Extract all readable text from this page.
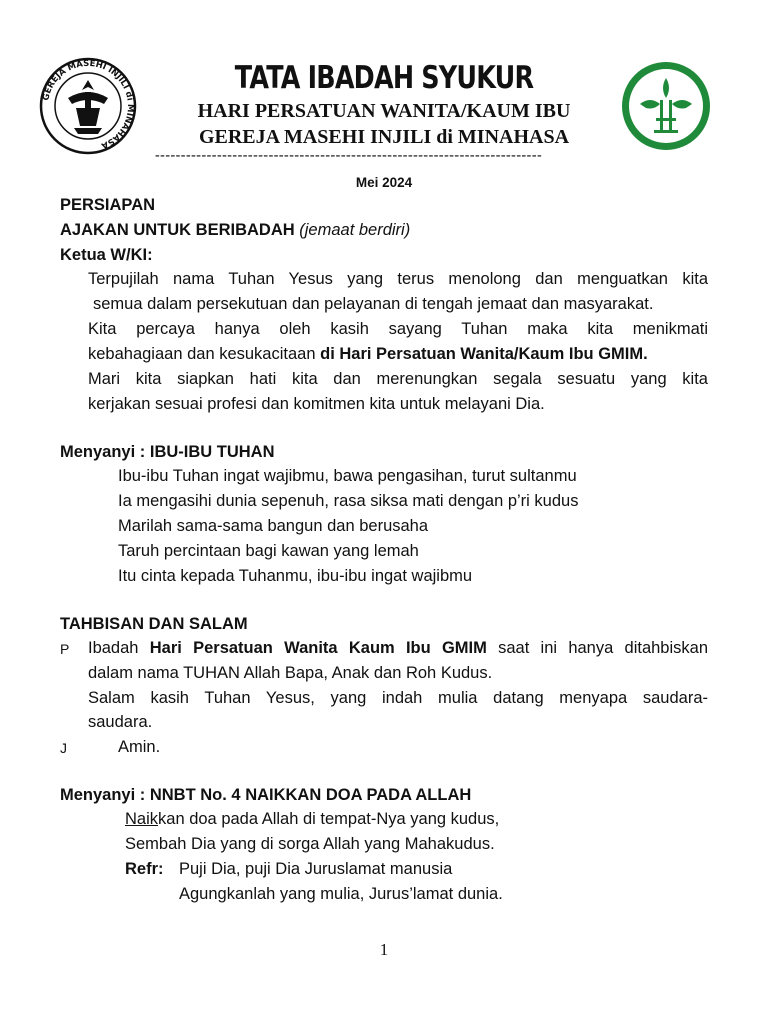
GEREJA MASEHI INJILI di MINAHASA
TATA IBADAH SYUKUR
HARI PERSATUAN WANITA/KAUM IBU
GEREJA MASEHI INJILI di MINAHASA
---------------------------------------------------------------------------
Mei 2024
PERSIAPAN
AJAKAN UNTUK BERIBADAH (jemaat berdiri)
Ketua W/KI:
Terpujilah nama Tuhan Yesus yang terus menolong dan menguatkan kita
semua dalam persekutuan dan pelayanan di tengah jemaat dan masyarakat.
Kita percaya hanya oleh kasih sayang Tuhan maka kita menikmati
kebahagiaan dan kesukacitaan di Hari Persatuan Wanita/Kaum Ibu GMIM.
Mari kita siapkan hati kita dan merenungkan segala sesuatu yang kita
kerjakan sesuai profesi dan komitmen kita untuk melayani Dia.
Menyanyi : IBU-IBU TUHAN
Ibu-ibu Tuhan ingat wajibmu, bawa pengasihan, turut sultanmu
Ia mengasihi dunia sepenuh, rasa siksa mati dengan p’ri kudus
Marilah sama-sama bangun dan berusaha
Taruh percintaan bagi kawan yang lemah
Itu cinta kepada Tuhanmu, ibu-ibu ingat wajibmu
TAHBISAN DAN SALAM
P Ibadah Hari Persatuan Wanita Kaum Ibu GMIM saat ini hanya ditahbiskan
dalam nama TUHAN Allah Bapa, Anak dan Roh Kudus.
Salam kasih Tuhan Yesus, yang indah mulia datang menyapa saudara-
saudara.
J	Amin.
Menyanyi : NNBT No. 4 NAIKKAN DOA PADA ALLAH
Naikkan doa pada Allah di tempat-Nya yang kudus,
Sembah Dia yang di sorga Allah yang Mahakudus.
Refr: Puji Dia, puji Dia Juruslamat manusia
Agungkanlah yang mulia, Jurus’lamat dunia.
1
